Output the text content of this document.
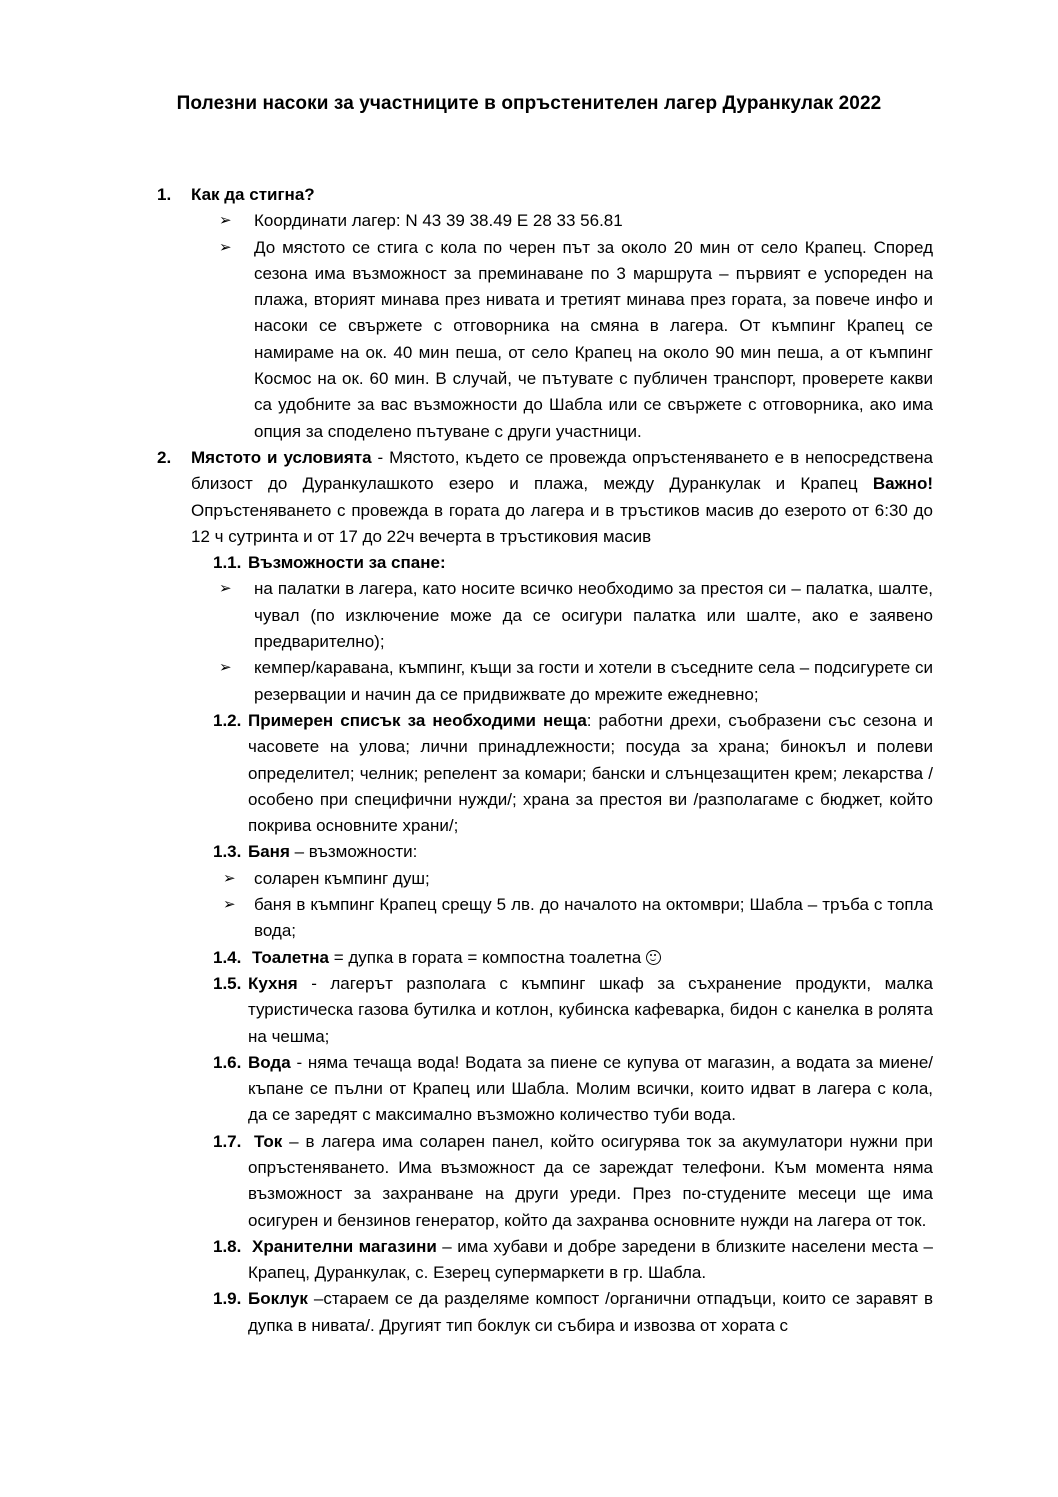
Полезни насоки за участниците в опръстенителен лагер Дуранкулак 2022
1. Как да стигна?
➢ Координати лагер: N 43 39 38.49 E 28 33 56.81
➢ До мястото се стига с кола по черен път за около 20 мин от село Крапец. Според сезона има възможност за преминаване по 3 маршрута – първият е успореден на плажа, вторият минава през нивата и третият минава през гората, за повече инфо и насоки се свържете с отговорника на смяна в лагера. От къмпинг Крапец се намираме на ок. 40 мин пеша, от село Крапец на около 90 мин пеша, а от къмпинг Космос на ок. 60 мин. В случай, че пътувате с публичен транспорт, проверете какви са удобните за вас възможности до Шабла или се свържете с отговорника, ако има опция за споделено пътуване с други участници.
2. Мястото и условията - Мястото, където се провежда опръстеняването е в непосредствена близост до Дуранкулашкото езеро и плажа, между Дуранкулак и Крапец Важно! Опръстеняването с провежда в гората до лагера и в тръстиков масив до езерото от 6:30 до 12 ч сутринта и от 17 до 22ч вечерта в тръстиковия масив
1.1. Възможности за спане:
➢ на палатки в лагера, като носите всичко необходимо за престоя си – палатка, шалте, чувал (по изключение може да се осигури палатка или шалте, ако е заявено предварително);
➢ кемпер/каравана, къмпинг, къщи за гости и хотели в съседните села – подсигурете си резервации и начин да се придвижвате до мрежите ежедневно;
1.2. Примерен списък за необходими неща: работни дрехи, съобразени със сезона и часовете на улова; лични принадлежности; посуда за храна; бинокъл и полеви определител; челник; репелент за комари; бански и слънцезащитен крем; лекарства /особено при специфични нужди/; храна за престоя ви /разполагаме с бюджет, който покрива основните храни/;
1.3. Баня – възможности:
➢ соларен къмпинг душ;
➢ баня в къмпинг Крапец срещу 5 лв. до началото на октомври; Шабла – тръба с топла вода;
1.4. Тоалетна = дупка в гората = компостна тоалетна
1.5. Кухня - лагерът разполага с къмпинг шкаф за съхранение продукти, малка туристическа газова бутилка и котлон, кубинска кафеварка, бидон с канелка в ролята на чешма;
1.6. Вода - няма течаща вода! Водата за пиене се купува от магазин, а водата за миене/къпане се пълни от Крапец или Шабла. Молим всички, които идват в лагера с кола, да се заредят с максимално възможно количество туби вода.
1.7. Ток – в лагера има соларен панел, който осигурява ток за акумулатори нужни при опръстеняването. Има възможност да се зареждат телефони. Към момента няма възможност за захранване на други уреди. През по-студените месеци ще има осигурен и бензинов генератор, който да захранва основните нужди на лагера от ток.
1.8. Хранителни магазини – има хубави и добре заредени в близките населени места – Крапец, Дуранкулак, с. Езерец супермаркети в гр. Шабла.
1.9. Боклук –стараем се да разделяме компост /органични отпадъци, които се заравят в дупка в нивата/. Другият тип боклук си събира и извозва от хората с
